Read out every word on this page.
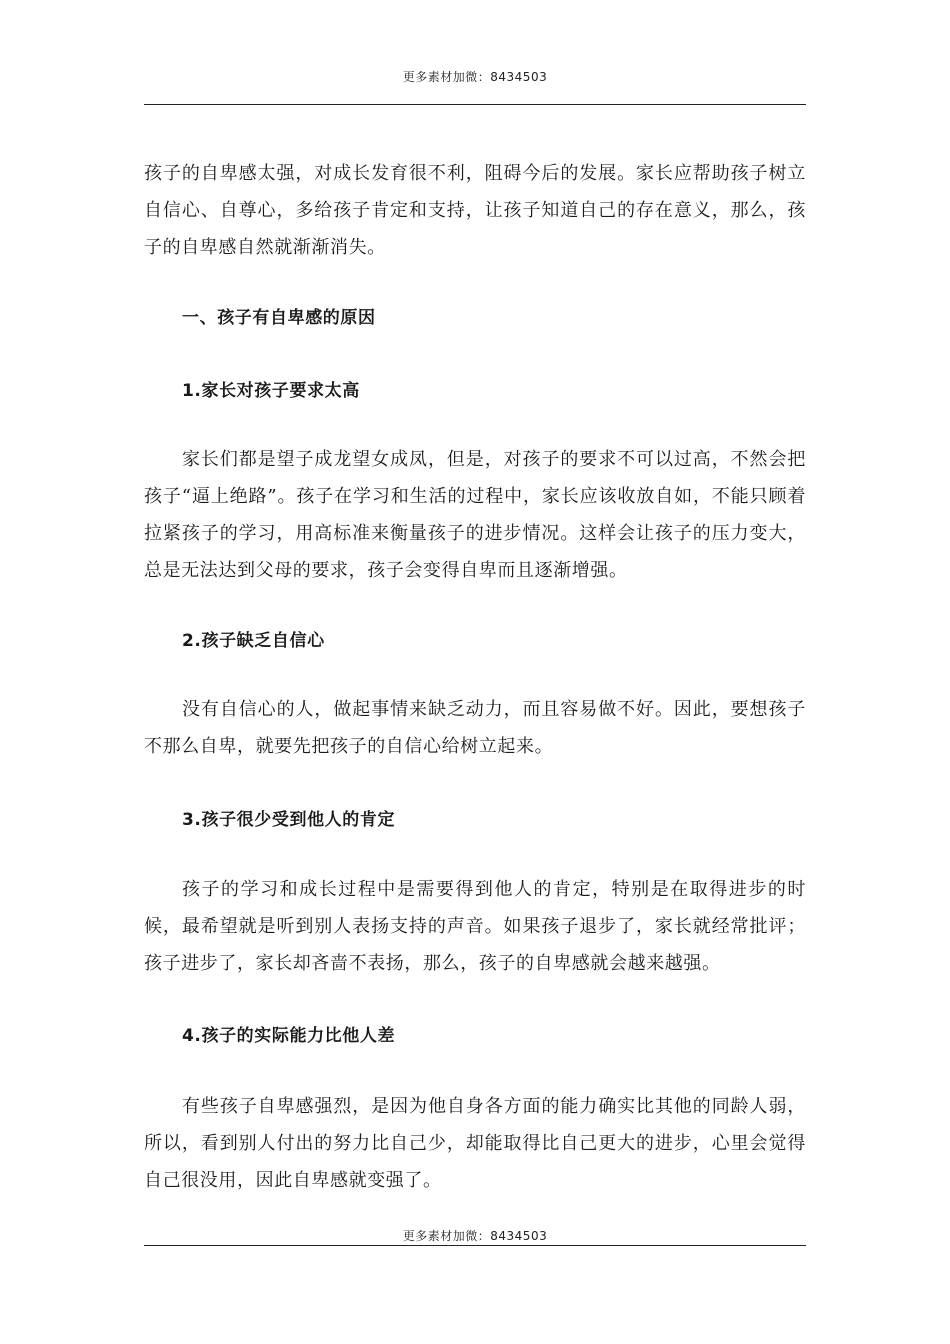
更多素材加微：8434503

孩子的自卑感太强，对成长发育很不利，阻碍今后的发展。家长应帮助孩子树立自信心、自尊心，多给孩子肯定和支持，让孩子知道自己的存在意义，那么，孩子的自卑感自然就渐渐消失。

一、孩子有自卑感的原因

1.家长对孩子要求太高

家长们都是望子成龙望女成凤，但是，对孩子的要求不可以过高，不然会把孩子“逼上绝路”。孩子在学习和生活的过程中，家长应该收放自如，不能只顾着拉紧孩子的学习，用高标准来衡量孩子的进步情况。这样会让孩子的压力变大，总是无法达到父母的要求，孩子会变得自卑而且逐渐增强。

2.孩子缺乏自信心

没有自信心的人，做起事情来缺乏动力，而且容易做不好。因此，要想孩子不那么自卑，就要先把孩子的自信心给树立起来。

3.孩子很少受到他人的肯定

孩子的学习和成长过程中是需要得到他人的肯定，特别是在取得进步的时候，最希望就是听到别人表扬支持的声音。如果孩子退步了，家长就经常批评；孩子进步了，家长却吝啬不表扬，那么，孩子的自卑感就会越来越强。

4.孩子的实际能力比他人差

有些孩子自卑感强烈，是因为他自身各方面的能力确实比其他的同龄人弱，所以，看到别人付出的努力比自己少，却能取得比自己更大的进步，心里会觉得自己很没用，因此自卑感就变强了。

更多素材加微：8434503
